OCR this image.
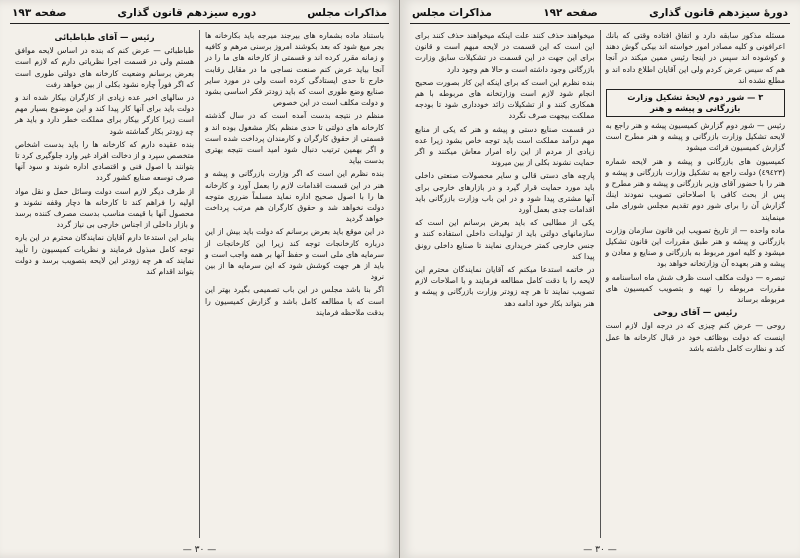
مذاكرات مجلس
دوره سيزدهم قانون گذارى
صفحه ١٩٣

باستناد ماده بشماره هاى بيرجند ميرجه بايد بكارخانه ها بجر ميغ شود كه بعد بكوشند امروز برسنى مرهم و كافيه و زمانه مقرر كرده اند و قسمتى از كارخانه هاى ما را در آنجا بيايد عرض كنم صنعت نساجى ما در مقابل رقابت خارج تا حدى ايستادگى كرده است ولى در مورد ساير صنايع وضع طورى است كه بايد زودتر فكر اساسى بشود و دولت مكلف است در اين خصوص

منظم در نتيجه بدست آمده است كه در سال گذشته كارخانه هاى دولتى تا حدى منظم بكار مشغول بوده اند و قسمتى از حقوق كارگران و كارمندان پرداخت شده است و اگر بهمين ترتيب دنبال شود اميد است نتيجه بهترى بدست بيايد

بنده نظرم اين است كه اگر وزارت بازرگانى و پيشه و هنر در اين قسمت اقدامات لازم را بعمل آورد و كارخانه ها را با اصول صحيح اداره نمايد مسلماً ضررى متوجه دولت نخواهد شد و حقوق كارگران هم مرتب پرداخت خواهد گرديد

در اين موقع بايد بعرض برسانم كه دولت بايد بيش از اين درباره كارخانجات توجه كند زيرا اين كارخانجات از سرمايه هاى ملى است و حفظ آنها بر همه واجب است و بايد از هر جهت كوشش شود كه اين سرمايه ها از بين نرود

اگر بنا باشد مجلس در اين باب تصميمى بگيرد بهتر اين است كه با مطالعه كامل باشد و گزارش كميسيون را بدقت ملاحظه فرمايند

رئيس — آقاى طباطبائى

طباطبائى — عرض كنم كه بنده در اساس لايحه موافق هستم ولى در قسمت اجرا نظرياتى دارم كه لازم است بعرض برسانم وضعيت كارخانه هاى دولتى طورى است كه اگر فوراً چاره نشود بكلى از بين خواهد رفت

در سالهاى اخير عده زيادى از كارگران بيكار شده اند و دولت بايد براى آنها كار پيدا كند و اين موضوع بسيار مهم است زيرا كارگر بيكار براى مملكت خطر دارد و بايد هر چه زودتر بكار گماشته شود

بنده عقيده دارم كه كارخانه ها را بايد بدست اشخاص متخصص سپرد و از دخالت افراد غير وارد جلوگيرى كرد تا بتوانند با اصول فنى و اقتصادى اداره شوند و سود آنها صرف توسعه صنايع كشور گردد

از طرف ديگر لازم است دولت وسائل حمل و نقل مواد اوليه را فراهم كند تا كارخانه ها دچار وقفه نشوند و محصول آنها با قيمت مناسب بدست مصرف كننده برسد و بازار داخلى از اجناس خارجى بى نياز گردد

بنابر اين استدعا دارم آقايان نمايندگان محترم در اين باره توجه كامل مبذول فرمايند و نظريات كميسيون را تأييد نمايند كه هر چه زودتر اين لايحه بتصويب برسد و دولت بتواند اقدام كند

— ٣٠ —
دورهٔ سيزدهم قانون گذارى
صفحه ١٩٢
مذاكرات مجلس

مسئله مذكور سابقه دارد و اتفاق افتاده وقتى كه بانك اعرافونى و كليه مصادر امور خواسته اند بيكى گوش دهند و كوشوده اند سپس در اينجا رئيس ممين ميكند در آنجا هم كه سيس عرض كردم ولى اين آقايان اطلاع داده اند و مطلع نشده اند

٣ — شور دوم لايحهٔ تشكيل وزارت بازرگانى و پيشه و هنر

رئيس — شور دوم گزارش كميسيون پيشه و هنر راجع به لايحه تشكيل وزارت بازرگانى و پيشه و هنر مطرح است گزارش كميسيون قرائت ميشود

كميسيون هاى بازرگانى و پيشه و هنر لايحه شماره (٤٩٤٢٣) دولت راجع به تشكيل وزارت بازرگانى و پيشه و هنر را با حضور آقاى وزير بازرگانى و پيشه و هنر مطرح و پس از بحث كافى با اصلاحاتى تصويب نمودند اينك گزارش آن را براى شور دوم تقديم مجلس شوراى ملى مينمايند

ماده واحده — از تاريخ تصويب اين قانون سازمان وزارت بازرگانى و پيشه و هنر طبق مقررات اين قانون تشكيل ميشود و كليه امور مربوط به بازرگانى و صنايع و معادن و پيشه و هنر بعهده آن وزارتخانه خواهد بود

تبصره — دولت مكلف است ظرف شش ماه اساسنامه و مقررات مربوطه را تهيه و بتصويب كميسيون هاى مربوطه برساند

رئيس — آقاى روحى

روحى — عرض كنم چيزى كه در درجه اول لازم است اينست كه دولت بوظائف خود در قبال كارخانه ها عمل كند و نظارت كامل داشته باشد

ميخواهند حذف كنند علت اينكه ميخواهند حذف كنند براى اين است كه اين قسمت در لايحه مبهم است و قانون براى اين جهت در اين قسمت در تشكيلات سابق وزارت بازرگانى وجود داشته است و حالا هم وجود دارد

بنده نظرم اين است كه براى اينكه اين كار بصورت صحيح انجام شود لازم است وزارتخانه هاى مربوطه با هم همكارى كنند و از تشكيلات زائد خوددارى شود تا بودجه مملكت بيجهت صرف نگردد

در قسمت صنايع دستى و پيشه و هنر كه يكى از منابع مهم درآمد مملكت است بايد توجه خاص بشود زيرا عده زيادى از مردم از اين راه امرار معاش ميكنند و اگر حمايت نشوند بكلى از بين ميروند

پارچه هاى دستى قالى و ساير محصولات صنعتى داخلى بايد مورد حمايت قرار گيرد و در بازارهاى خارجى براى آنها مشترى پيدا شود و در اين باب وزارت بازرگانى بايد اقدامات جدى بعمل آورد

يكى از مطالبى كه بايد بعرض برسانم اين است كه سازمانهاى دولتى بايد از توليدات داخلى استفاده كنند و جنس خارجى كمتر خريدارى نمايند تا صنايع داخلى رونق پيدا كند

در خاتمه استدعا ميكنم كه آقايان نمايندگان محترم اين لايحه را با دقت كامل مطالعه فرمايند و با اصلاحات لازم تصويب نمايند تا هر چه زودتر وزارت بازرگانى و پيشه و هنر بتواند بكار خود ادامه دهد

— ٣٠ —
